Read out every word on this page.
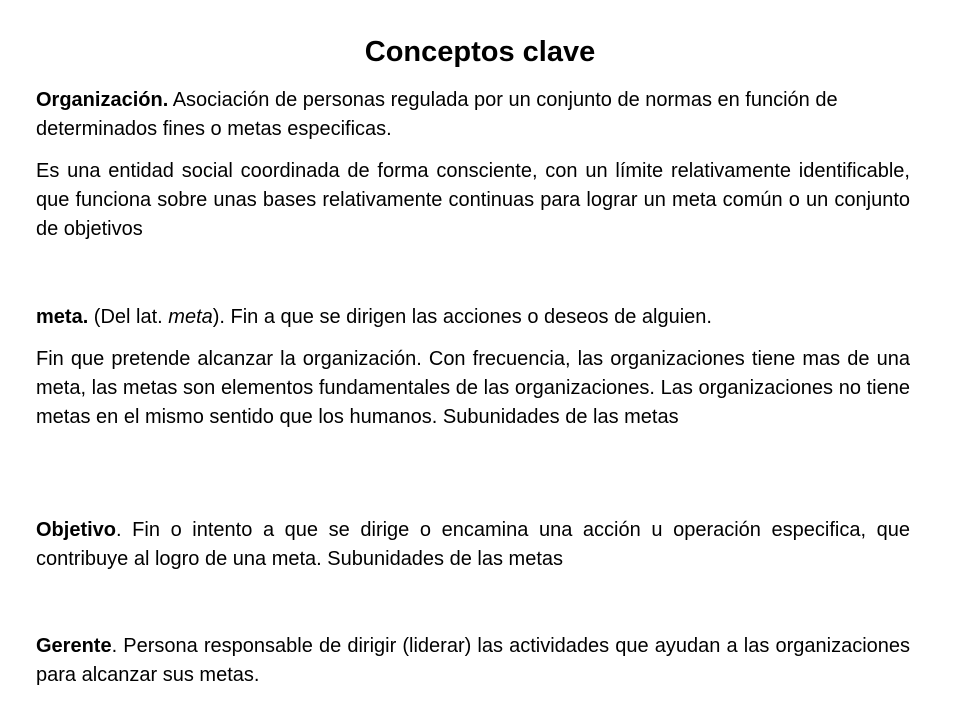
Conceptos clave

Organización. Asociación de personas regulada por un conjunto de normas en función de determinados fines o metas especificas.

Es una entidad social coordinada de forma consciente, con un límite relativamente identificable, que funciona sobre unas bases relativamente continuas para lograr un meta común o un conjunto de objetivos

meta. (Del lat. meta). Fin a que se dirigen las acciones o deseos de alguien.

Fin que pretende alcanzar la organización. Con frecuencia, las organizaciones tiene mas de una meta, las metas son elementos fundamentales de las organizaciones. Las organizaciones no tiene metas en el mismo sentido que los humanos. Subunidades de las metas

Objetivo. Fin o intento a que se dirige o encamina una acción u operación especifica, que contribuye al logro de una meta. Subunidades de las metas

Gerente. Persona responsable de dirigir (liderar) las actividades que ayudan a las organizaciones para alcanzar sus metas.
